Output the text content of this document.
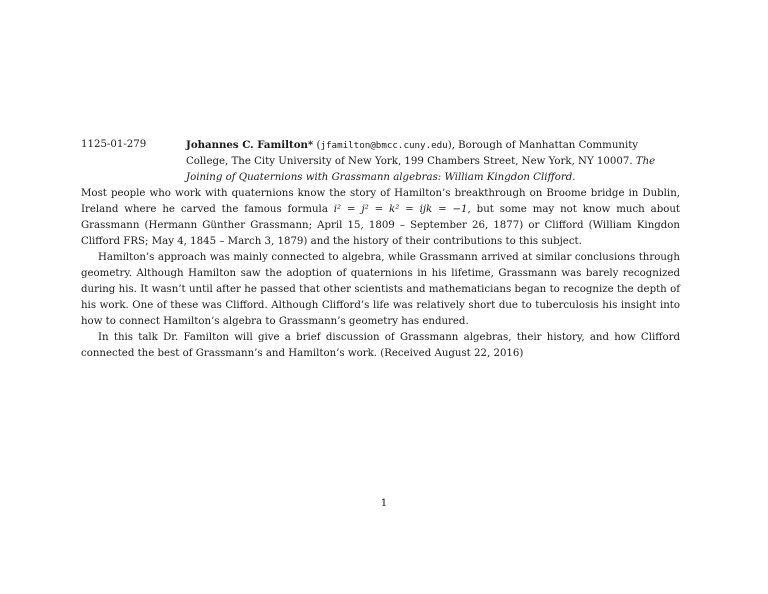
1125-01-279	Johannes C. Familton* (jfamilton@bmcc.cuny.edu), Borough of Manhattan Community College, The City University of New York, 199 Chambers Street, New York, NY 10007. The Joining of Quaternions with Grassmann algebras: William Kingdon Clifford.

Most people who work with quaternions know the story of Hamilton’s breakthrough on Broome bridge in Dublin, Ireland where he carved the famous formula i² = j² = k² = ijk = −1, but some may not know much about Grassmann (Hermann Günther Grassmann; April 15, 1809 – September 26, 1877) or Clifford (William Kingdon Clifford FRS; May 4, 1845 – March 3, 1879) and the history of their contributions to this subject.

Hamilton’s approach was mainly connected to algebra, while Grassmann arrived at similar conclusions through geometry. Although Hamilton saw the adoption of quaternions in his lifetime, Grassmann was barely recognized during his. It wasn’t until after he passed that other scientists and mathematicians began to recognize the depth of his work. One of these was Clifford. Although Clifford’s life was relatively short due to tuberculosis his insight into how to connect Hamilton’s algebra to Grassmann’s geometry has endured.

In this talk Dr. Familton will give a brief discussion of Grassmann algebras, their history, and how Clifford connected the best of Grassmann’s and Hamilton’s work. (Received August 22, 2016)

1
